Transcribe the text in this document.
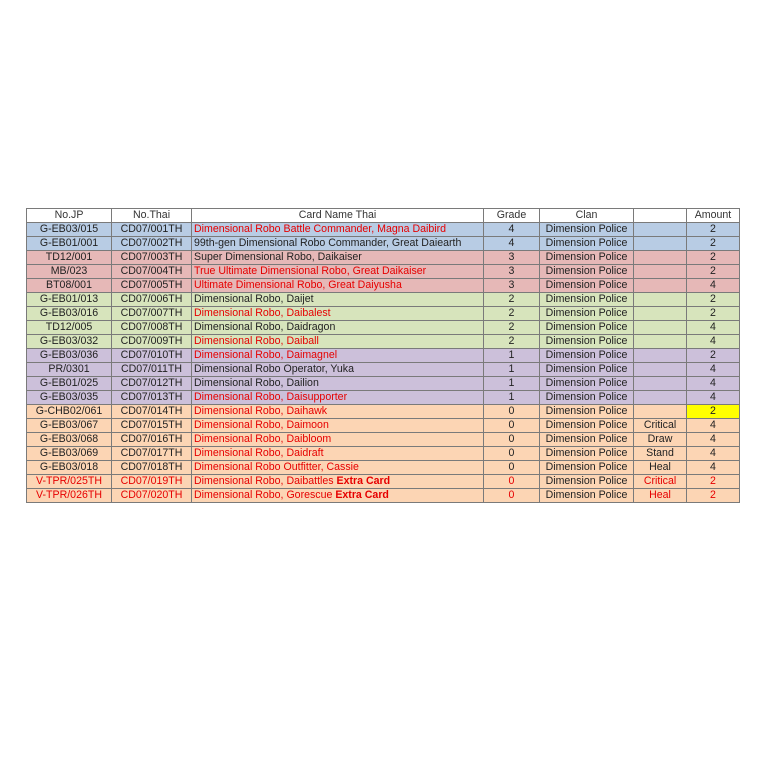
No.JP	No.Thai	Card Name Thai	Grade	Clan		Amount
G-EB03/015	CD07/001TH	Dimensional Robo Battle Commander, Magna Daibird	4	Dimension Police		2
G-EB01/001	CD07/002TH	99th-gen Dimensional Robo Commander, Great Daiearth	4	Dimension Police		2
TD12/001	CD07/003TH	Super Dimensional Robo, Daikaiser	3	Dimension Police		2
MB/023	CD07/004TH	True Ultimate Dimensional Robo, Great Daikaiser	3	Dimension Police		2
BT08/001	CD07/005TH	Ultimate Dimensional Robo, Great Daiyusha	3	Dimension Police		4
G-EB01/013	CD07/006TH	Dimensional Robo, Daijet	2	Dimension Police		2
G-EB03/016	CD07/007TH	Dimensional Robo, Daibalest	2	Dimension Police		2
TD12/005	CD07/008TH	Dimensional Robo, Daidragon	2	Dimension Police		4
G-EB03/032	CD07/009TH	Dimensional Robo, Daiball	2	Dimension Police		4
G-EB03/036	CD07/010TH	Dimensional Robo, Daimagnel	1	Dimension Police		2
PR/0301	CD07/011TH	Dimensional Robo Operator, Yuka	1	Dimension Police		4
G-EB01/025	CD07/012TH	Dimensional Robo, Dailion	1	Dimension Police		4
G-EB03/035	CD07/013TH	Dimensional Robo, Daisupporter	1	Dimension Police		4
G-CHB02/061	CD07/014TH	Dimensional Robo, Daihawk	0	Dimension Police		2
G-EB03/067	CD07/015TH	Dimensional Robo, Daimoon	0	Dimension Police	Critical	4
G-EB03/068	CD07/016TH	Dimensional Robo, Daibloom	0	Dimension Police	Draw	4
G-EB03/069	CD07/017TH	Dimensional Robo, Daidraft	0	Dimension Police	Stand	4
G-EB03/018	CD07/018TH	Dimensional Robo Outfitter, Cassie	0	Dimension Police	Heal	4
V-TPR/025TH	CD07/019TH	Dimensional Robo, Daibattles Extra Card	0	Dimension Police	Critical	2
V-TPR/026TH	CD07/020TH	Dimensional Robo, Gorescue Extra Card	0	Dimension Police	Heal	2
